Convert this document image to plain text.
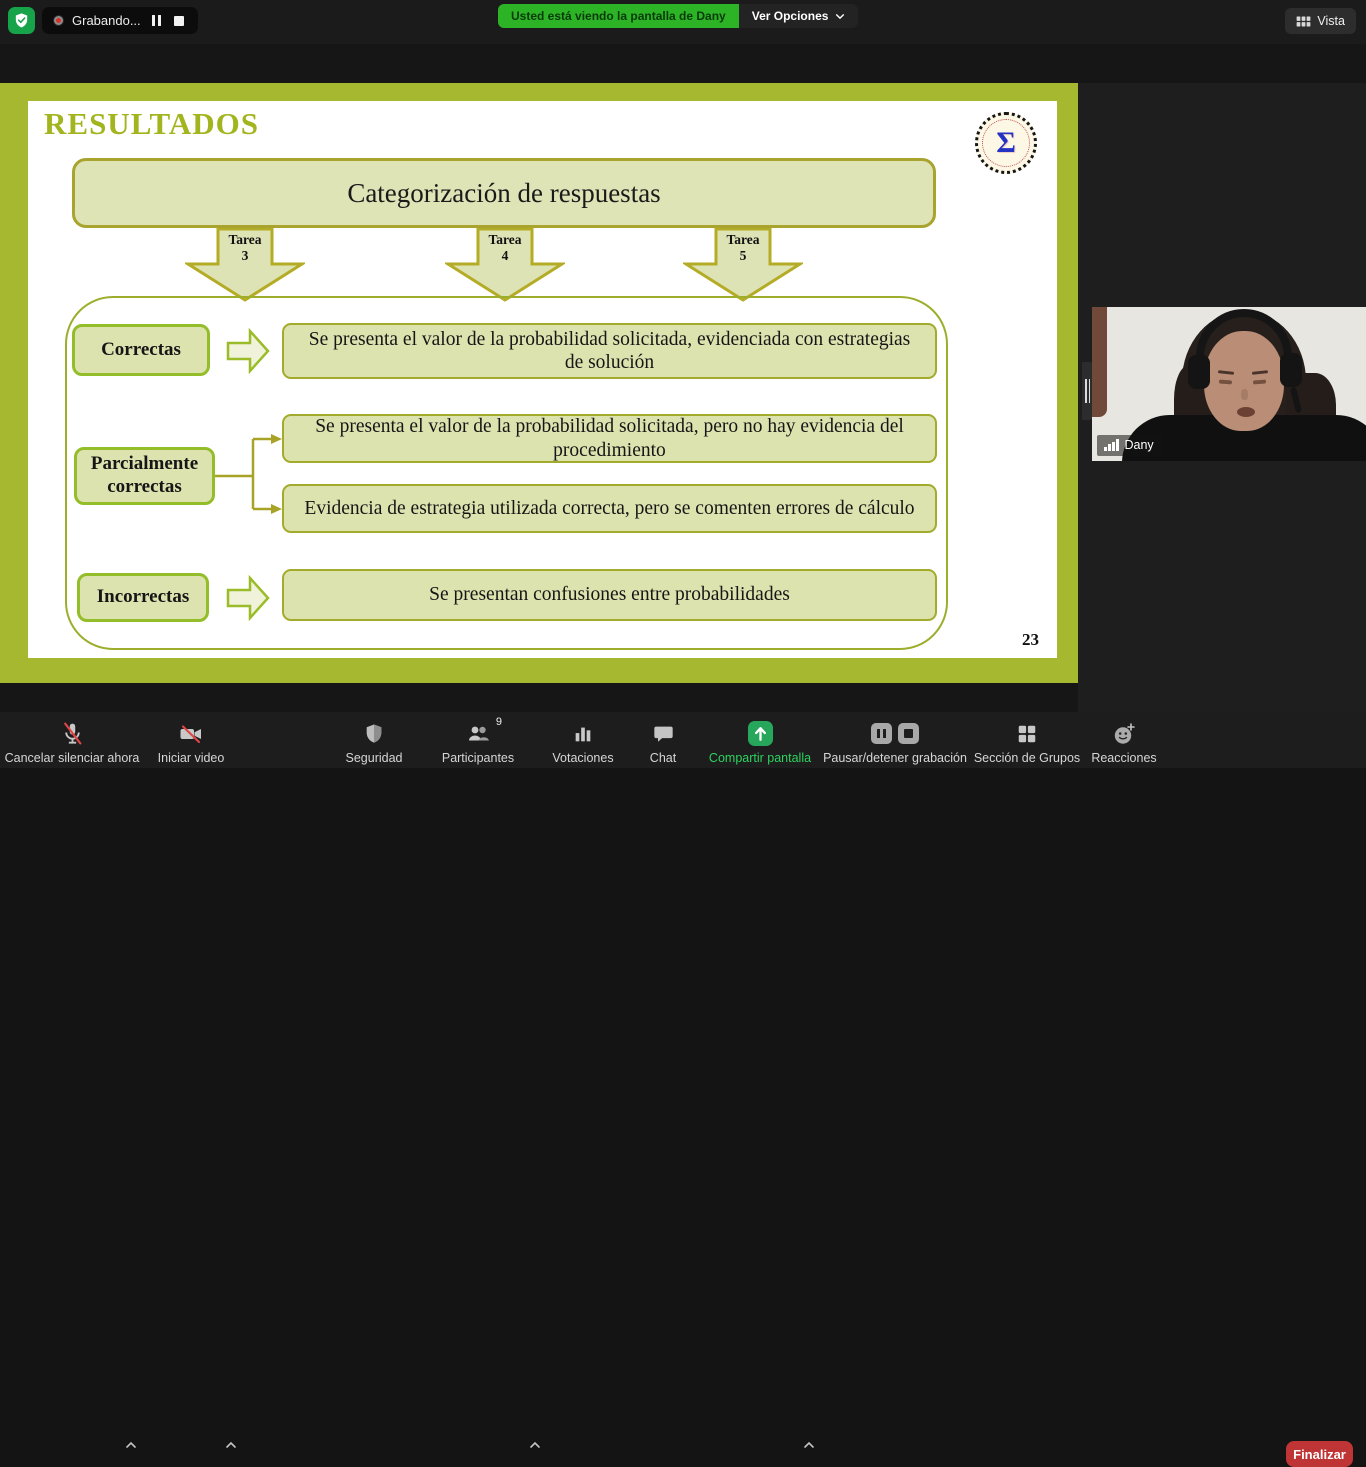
Grabando...	Usted está viendo la pantalla de Dany	Ver Opciones	Vista
RESULTADOS
Σ
Categorización de respuestas
Tarea
3
Tarea
4
Tarea
5
Correctas	Se presenta el valor de la probabilidad solicitada, evidenciada con estrategias de solución
Parcialmente correctas
Se presenta el valor de la probabilidad solicitada, pero no hay evidencia del procedimiento
Evidencia de estrategia utilizada correcta, pero se comenten errores de cálculo
Incorrectas	Se presentan confusiones entre probabilidades
23
Dany
Cancelar silenciar ahora Iniciar video	Seguridad
9
Participantes	Votaciones	Chat	Compartir pantalla Pausar/detener grabación Sección de Grupos Reacciones
Finalizar
